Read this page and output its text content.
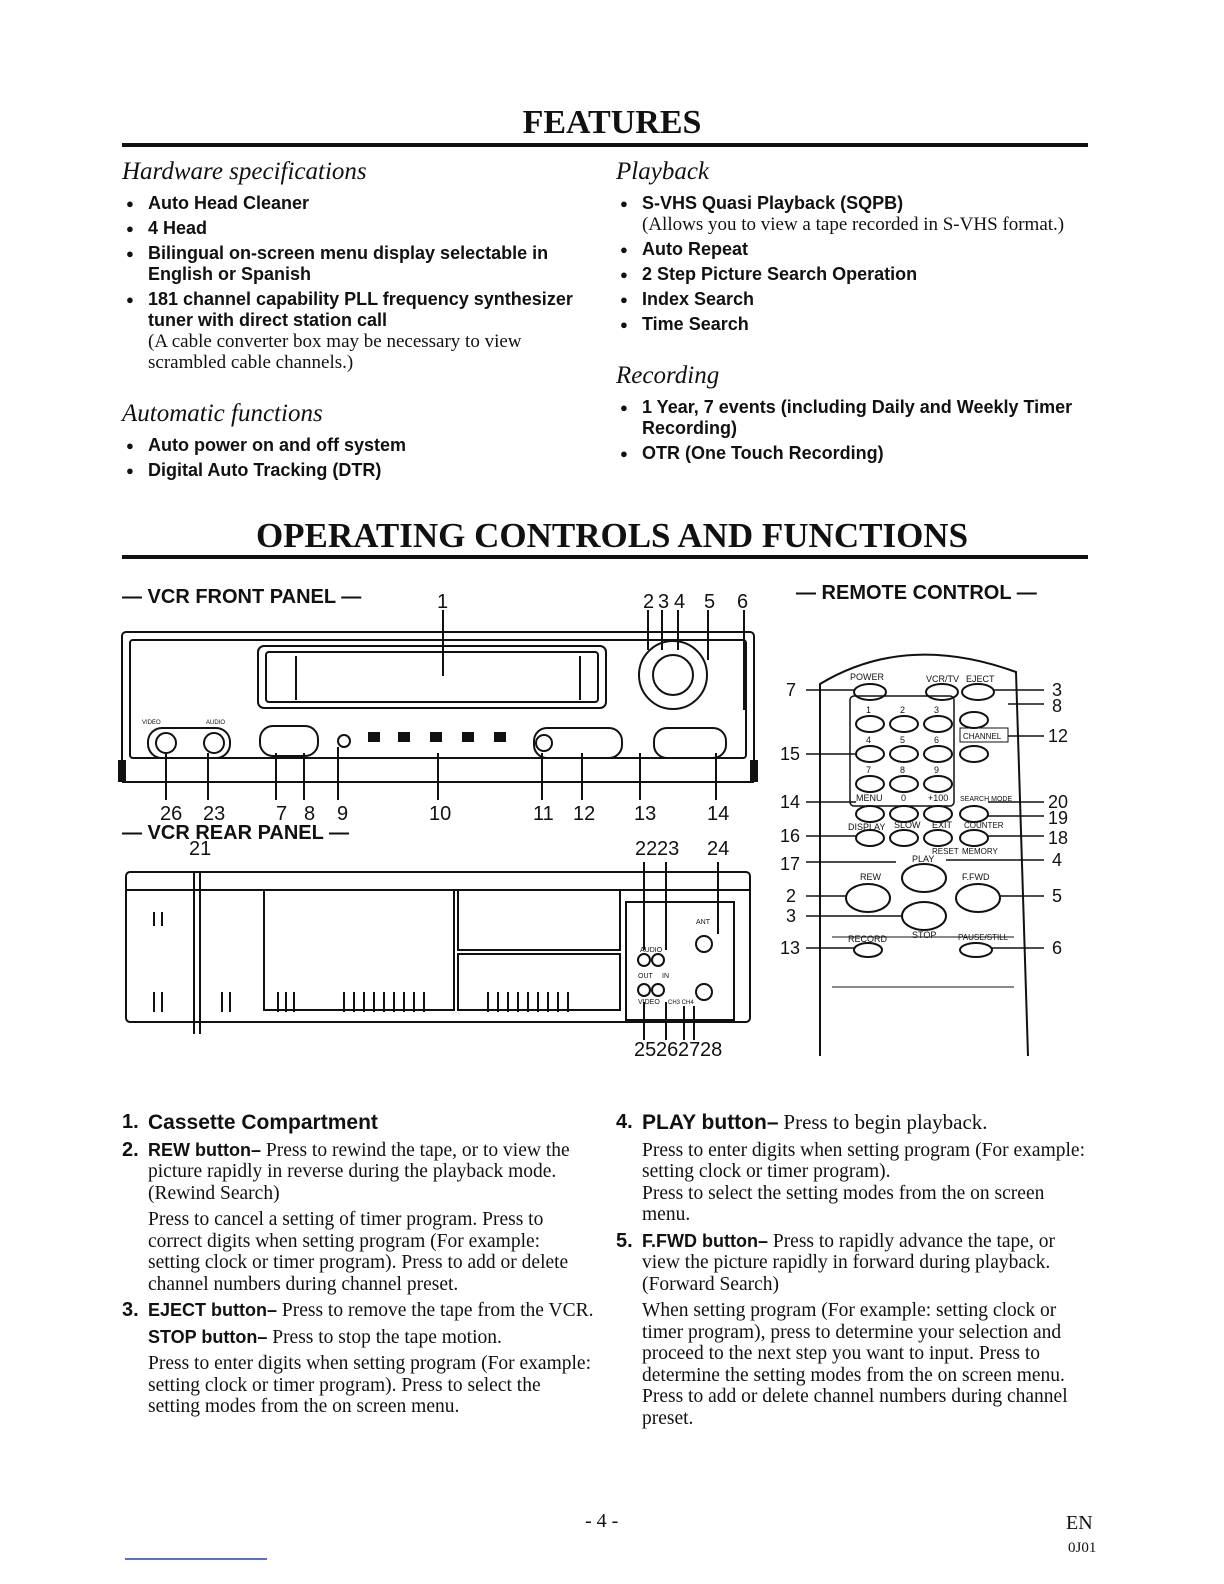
FEATURES
Hardware specifications
● Auto Head Cleaner
● 4 Head
● Bilingual on-screen menu display selectable in English or Spanish
● 181 channel capability PLL frequency synthesizer tuner with direct station call
(A cable converter box may be necessary to view scrambled cable channels.)
Automatic functions
● Auto power on and off system
● Digital Auto Tracking (DTR)
Playback
● S-VHS Quasi Playback (SQPB)
(Allows you to view a tape recorded in S-VHS format.)
● Auto Repeat
● 2 Step Picture Search Operation
● Index Search
● Time Search
Recording
● 1 Year, 7 events (including Daily and Weekly Timer Recording)
● OTR (One Touch Recording)
OPERATING CONTROLS AND FUNCTIONS
— VCR FRONT PANEL —
— VCR REAR PANEL —
— REMOTE CONTROL —
1	2 3 4 5 6
26 23	7 8 9	10	11 12 13	14
21	22 23 24
25 26 27 28
VIDEO	AUDIO
ANT
AUDIO
OUT IN
VIDEO CH3 CH4
POWER	VCR/TV EJECT
1	2	3
4	5	6
7	8	9
CHANNEL
MENU 0 +100 SEARCH MODE
DISPLAY SLOW EXIT COUNTER
RESET MEMORY
PLAY
REW	F.FWD
RECORD	STOP	PAUSE/STILL
7
15
14
16
17
2
3
13
3
8
12
20
19
18
4
5
6

1. Cassette Compartment

2. REW button– Press to rewind the tape, or to view the picture rapidly in reverse during the playback mode. (Rewind Search)

Press to cancel a setting of timer program. Press to correct digits when setting program (For example: setting clock or timer program). Press to add or delete channel numbers during channel preset.

3. EJECT button– Press to remove the tape from the VCR.

STOP button– Press to stop the tape motion.

Press to enter digits when setting program (For example: setting clock or timer program). Press to select the setting modes from the on screen menu.

4. PLAY button– Press to begin playback.

Press to enter digits when setting program (For example: setting clock or timer program).

Press to select the setting modes from the on screen menu.

5. F.FWD button– Press to rapidly advance the tape, or view the picture rapidly in forward during playback. (Forward Search)

When setting program (For example: setting clock or timer program), press to determine your selection and proceed to the next step you want to input. Press to determine the setting modes from the on screen menu. Press to add or delete channel numbers during channel preset.

- 4 -	EN
0J01
